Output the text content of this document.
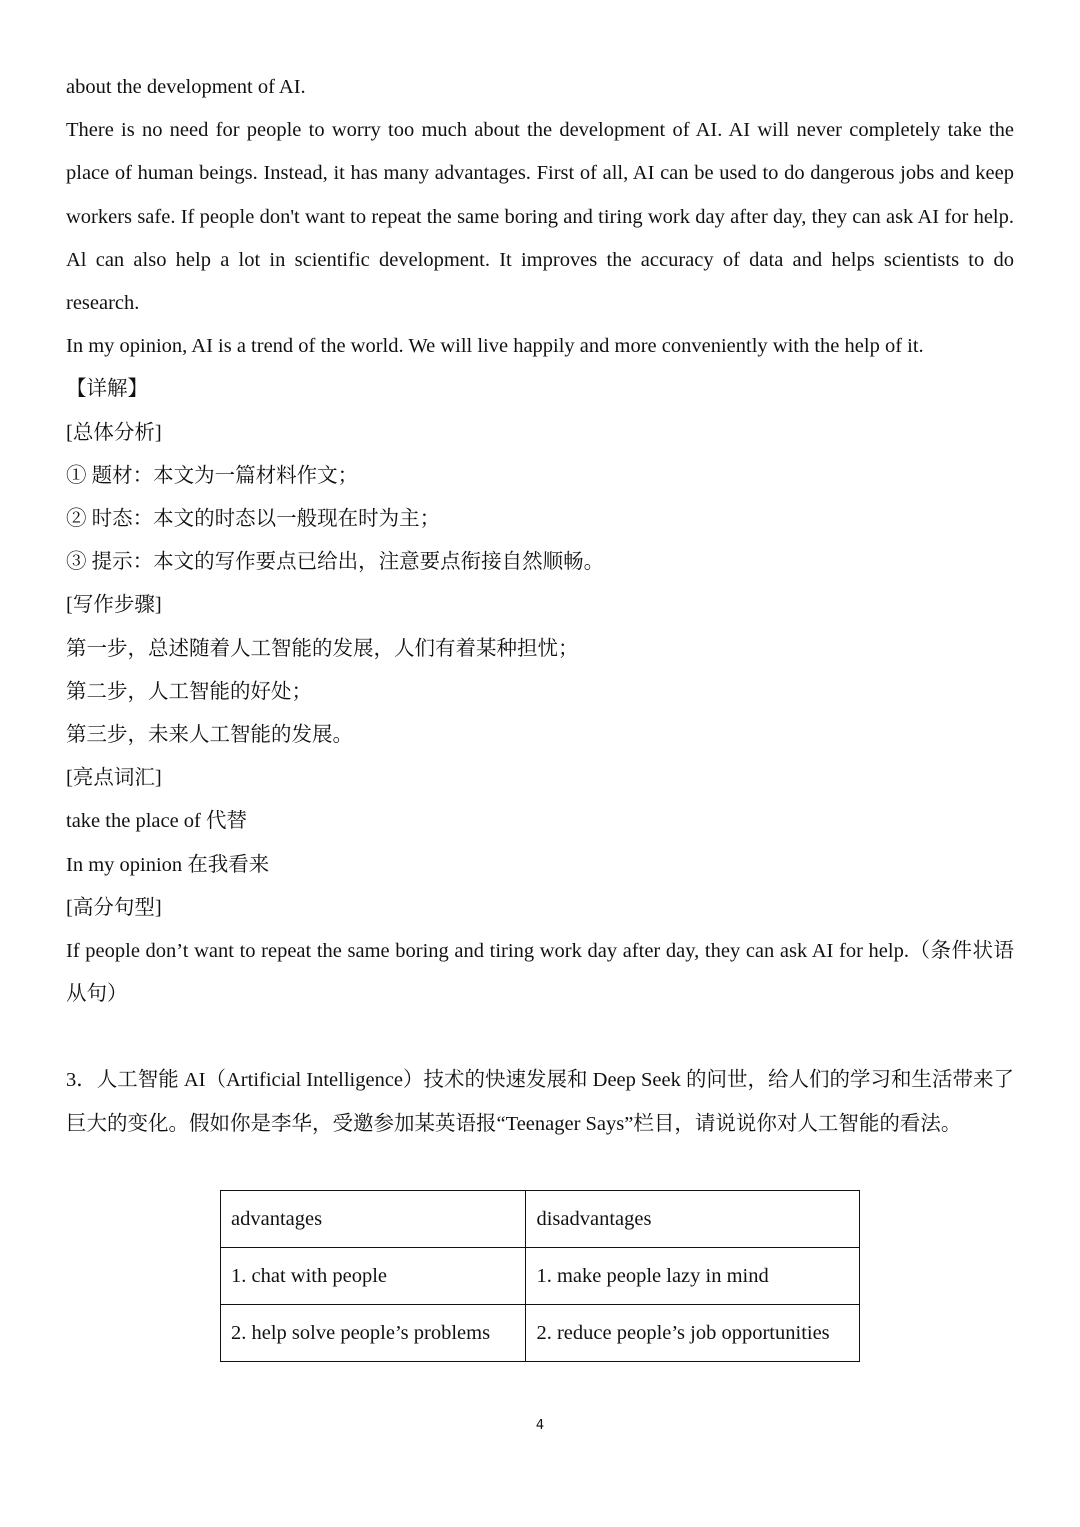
about the development of AI.

There is no need for people to worry too much about the development of AI. AI will never completely take the place of human beings. Instead, it has many advantages. First of all, AI can be used to do dangerous jobs and keep workers safe. If people don't want to repeat the same boring and tiring work day after day, they can ask AI for help. Al can also help a lot in scientific development. It improves the accuracy of data and helps scientists to do research.

In my opinion, AI is a trend of the world. We will live happily and more conveniently with the help of it.

【详解】

[总体分析]

① 题材：本文为一篇材料作文；

② 时态：本文的时态以一般现在时为主；

③ 提示：本文的写作要点已给出，注意要点衔接自然顺畅。

[写作步骤]

第一步，总述随着人工智能的发展，人们有着某种担忧；

第二步，人工智能的好处；

第三步，未来人工智能的发展。

[亮点词汇]

take the place of 代替

In my opinion 在我看来

[高分句型]

If people don’t want to repeat the same boring and tiring work day after day, they can ask AI for help.（条件状语从句）

3．人工智能 AI（Artificial Intelligence）技术的快速发展和 Deep Seek 的问世，给人们的学习和生活带来了巨大的变化。假如你是李华，受邀参加某英语报“Teenager Says”栏目，请说说你对人工智能的看法。

advantages	disadvantages
1. chat with people	1. make people lazy in mind
2. help solve people’s problems	2. reduce people’s job opportunities
4
